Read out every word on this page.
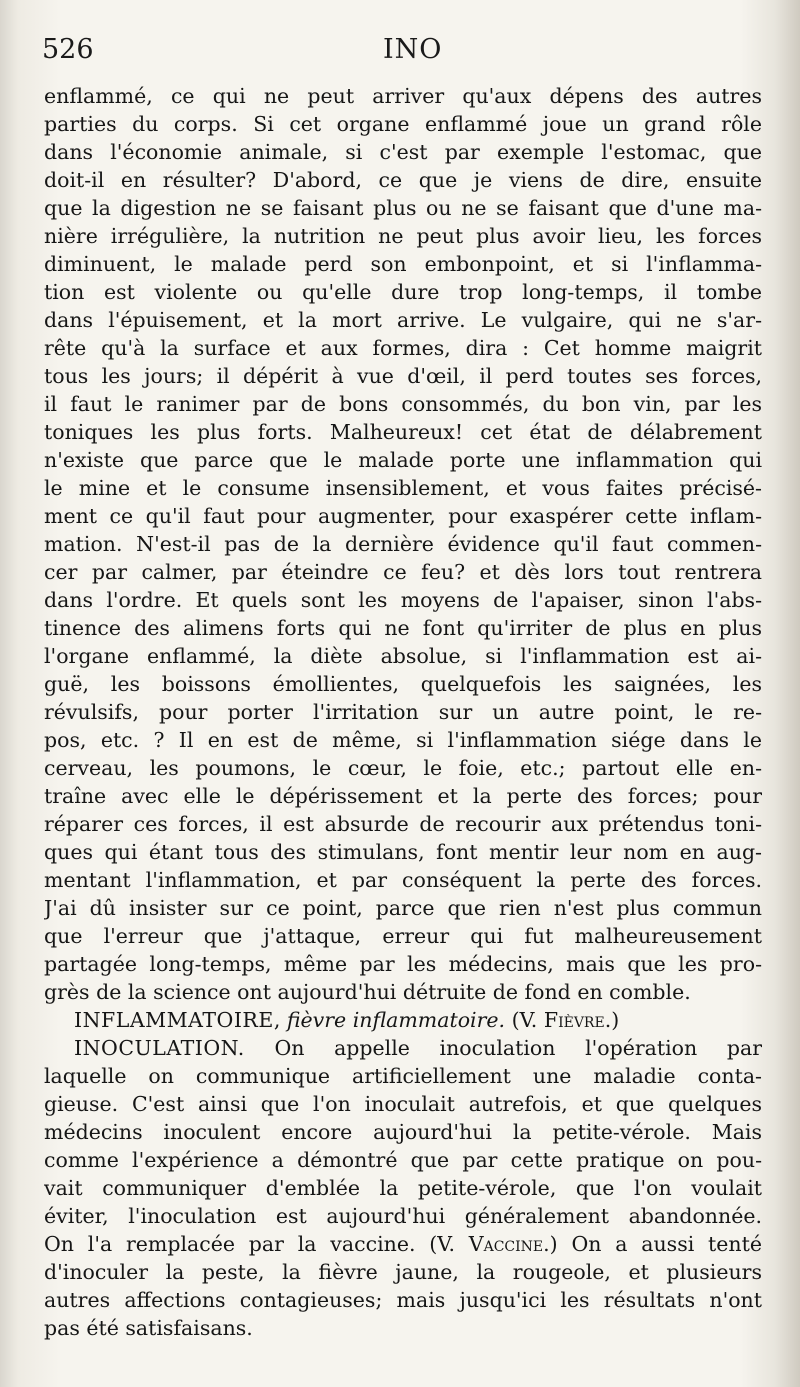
526	INO
enflammé, ce qui ne peut arriver qu'aux dépens des autres
parties du corps. Si cet organe enflammé joue un grand rôle
dans l'économie animale, si c'est par exemple l'estomac, que
doit-il en résulter? D'abord, ce que je viens de dire, ensuite
que la digestion ne se faisant plus ou ne se faisant que d'une ma-
nière irrégulière, la nutrition ne peut plus avoir lieu, les forces
diminuent, le malade perd son embonpoint, et si l'inflamma-
tion est violente ou qu'elle dure trop long-temps, il tombe
dans l'épuisement, et la mort arrive. Le vulgaire, qui ne s'ar-
rête qu'à la surface et aux formes, dira : Cet homme maigrit
tous les jours; il dépérit à vue d'œil, il perd toutes ses forces,
il faut le ranimer par de bons consommés, du bon vin, par les
toniques les plus forts. Malheureux! cet état de délabrement
n'existe que parce que le malade porte une inflammation qui
le mine et le consume insensiblement, et vous faites précisé-
ment ce qu'il faut pour augmenter, pour exaspérer cette inflam-
mation. N'est-il pas de la dernière évidence qu'il faut commen-
cer par calmer, par éteindre ce feu? et dès lors tout rentrera
dans l'ordre. Et quels sont les moyens de l'apaiser, sinon l'abs-
tinence des alimens forts qui ne font qu'irriter de plus en plus
l'organe enflammé, la diète absolue, si l'inflammation est ai-
guë, les boissons émollientes, quelquefois les saignées, les
révulsifs, pour porter l'irritation sur un autre point, le re-
pos, etc. ? Il en est de même, si l'inflammation siége dans le
cerveau, les poumons, le cœur, le foie, etc.; partout elle en-
traîne avec elle le dépérissement et la perte des forces; pour
réparer ces forces, il est absurde de recourir aux prétendus toni-
ques qui étant tous des stimulans, font mentir leur nom en aug-
mentant l'inflammation, et par conséquent la perte des forces.
J'ai dû insister sur ce point, parce que rien n'est plus commun
que l'erreur que j'attaque, erreur qui fut malheureusement
partagée long-temps, même par les médecins, mais que les pro-
grès de la science ont aujourd'hui détruite de fond en comble.
INFLAMMATOIRE, fièvre inflammatoire. (V. Fièvre.)
INOCULATION. On appelle inoculation l'opération par
laquelle on communique artificiellement une maladie conta-
gieuse. C'est ainsi que l'on inoculait autrefois, et que quelques
médecins inoculent encore aujourd'hui la petite-vérole. Mais
comme l'expérience a démontré que par cette pratique on pou-
vait communiquer d'emblée la petite-vérole, que l'on voulait
éviter, l'inoculation est aujourd'hui généralement abandonnée.
On l'a remplacée par la vaccine. (V. Vaccine.) On a aussi tenté
d'inoculer la peste, la fièvre jaune, la rougeole, et plusieurs
autres affections contagieuses; mais jusqu'ici les résultats n'ont
pas été satisfaisans.
